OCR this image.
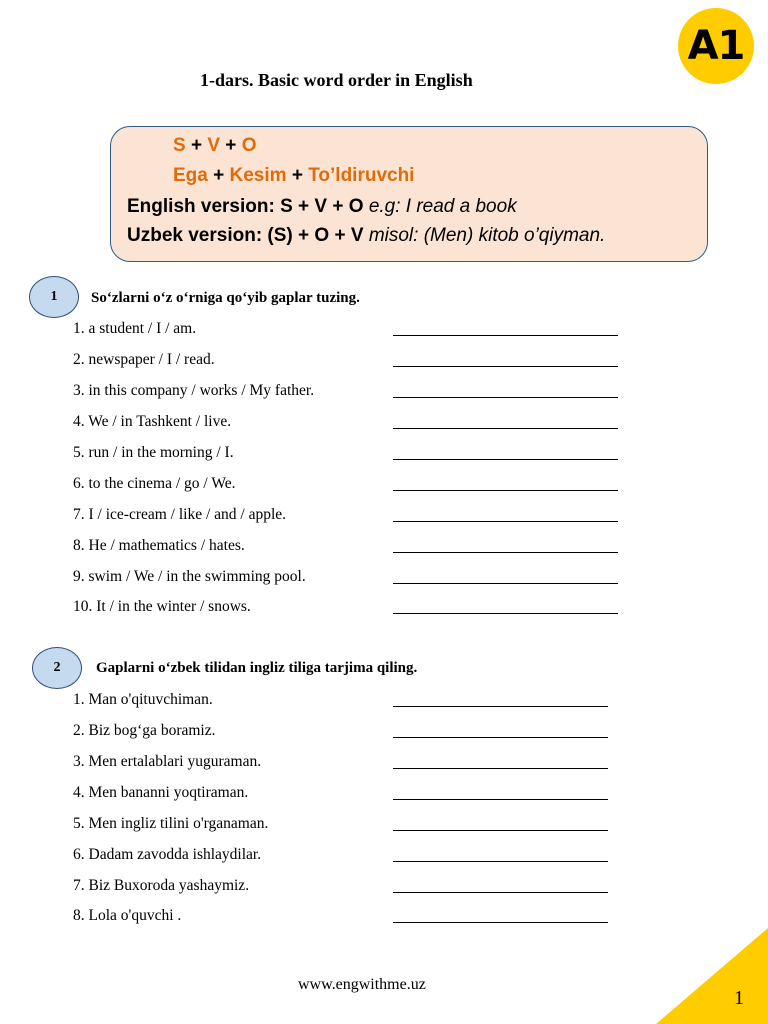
A1
1-dars. Basic word order in English
S + V + O
Ega + Kesim + To’ldiruvchi
English version: S + V + O e.g: I read a book
Uzbek version: (S) + O + V misol: (Men) kitob o’qiyman.
1	So‘zlarni o‘z o‘rniga qo‘yib gaplar tuzing.
1. a student / I / am.
2. newspaper / I / read.
3. in this company / works / My father.
4. We / in Tashkent / live.
5. run / in the morning / I.
6. to the cinema / go / We.
7. I / ice-cream / like / and / apple.
8. He / mathematics / hates.
9. swim / We / in the swimming pool.
10. It / in the winter / snows.
2	Gaplarni o‘zbek tilidan ingliz tiliga tarjima qiling.
1. Man o'qituvchiman.
2. Biz bog‘ga boramiz.
3. Men ertalablari yuguraman.
4. Men bananni yoqtiraman.
5. Men ingliz tilini o'rganaman.
6. Dadam zavodda ishlaydilar.
7. Biz Buxoroda yashaymiz.
8. Lola o'quvchi .
www.engwithme.uz
1
